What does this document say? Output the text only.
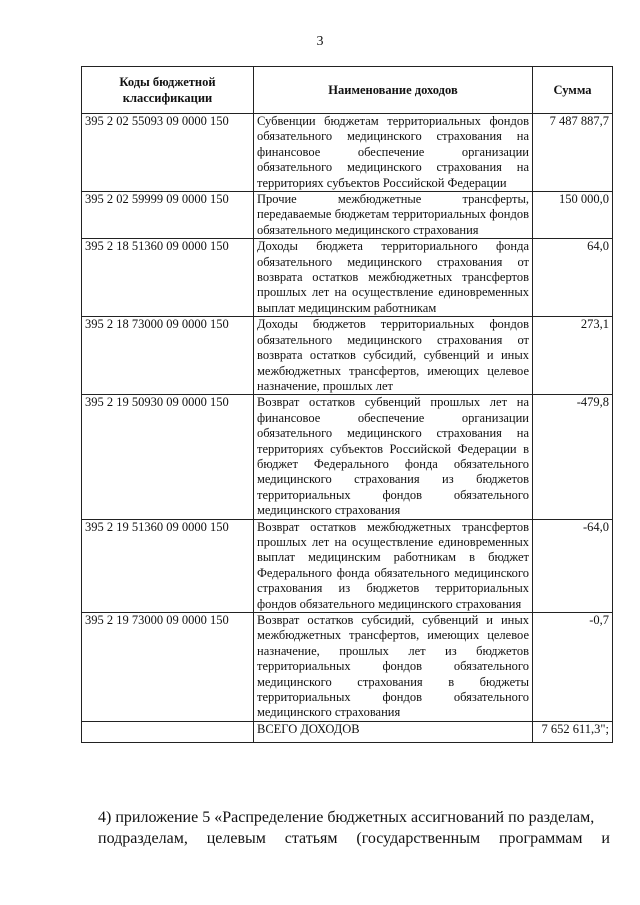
3
Коды бюджетной классификации	Наименование доходов	Сумма
395 2 02 55093 09 0000 150	Субвенции бюджетам территориальных фондов обязательного медицинского страхования на финансовое обеспечение организации обязательного медицинского страхования на территориях субъектов Российской Федерации	7 487 887,7
395 2 02 59999 09 0000 150	Прочие межбюджетные трансферты, передаваемые бюджетам территориальных фондов обязательного медицинского страхования	150 000,0
395 2 18 51360 09 0000 150	Доходы бюджета территориального фонда обязательного медицинского страхования от возврата остатков межбюджетных трансфертов прошлых лет на осуществление единовременных выплат медицинским работникам	64,0
395 2 18 73000 09 0000 150	Доходы бюджетов территориальных фондов обязательного медицинского страхования от возврата остатков субсидий, субвенций и иных межбюджетных трансфертов, имеющих целевое назначение, прошлых лет	273,1
395 2 19 50930 09 0000 150	Возврат остатков субвенций прошлых лет на финансовое обеспечение организации обязательного медицинского страхования на территориях субъектов Российской Федерации в бюджет Федерального фонда обязательного медицинского страхования из бюджетов территориальных фондов обязательного медицинского страхования	-479,8
395 2 19 51360 09 0000 150	Возврат остатков межбюджетных трансфертов прошлых лет на осуществление единовременных выплат медицинским работникам в бюджет Федерального фонда обязательного медицинского страхования из бюджетов территориальных фондов обязательного медицинского страхования	-64,0
395 2 19 73000 09 0000 150	Возврат остатков субсидий, субвенций и иных межбюджетных трансфертов, имеющих целевое назначение, прошлых лет из бюджетов территориальных фондов обязательного медицинского страхования в бюджеты территориальных фондов обязательного медицинского страхования	-0,7
	ВСЕГО ДОХОДОВ	7 652 611,3";
4) приложение 5 «Распределение бюджетных ассигнований по разделам,
подразделам, целевым статьям (государственным программам и
